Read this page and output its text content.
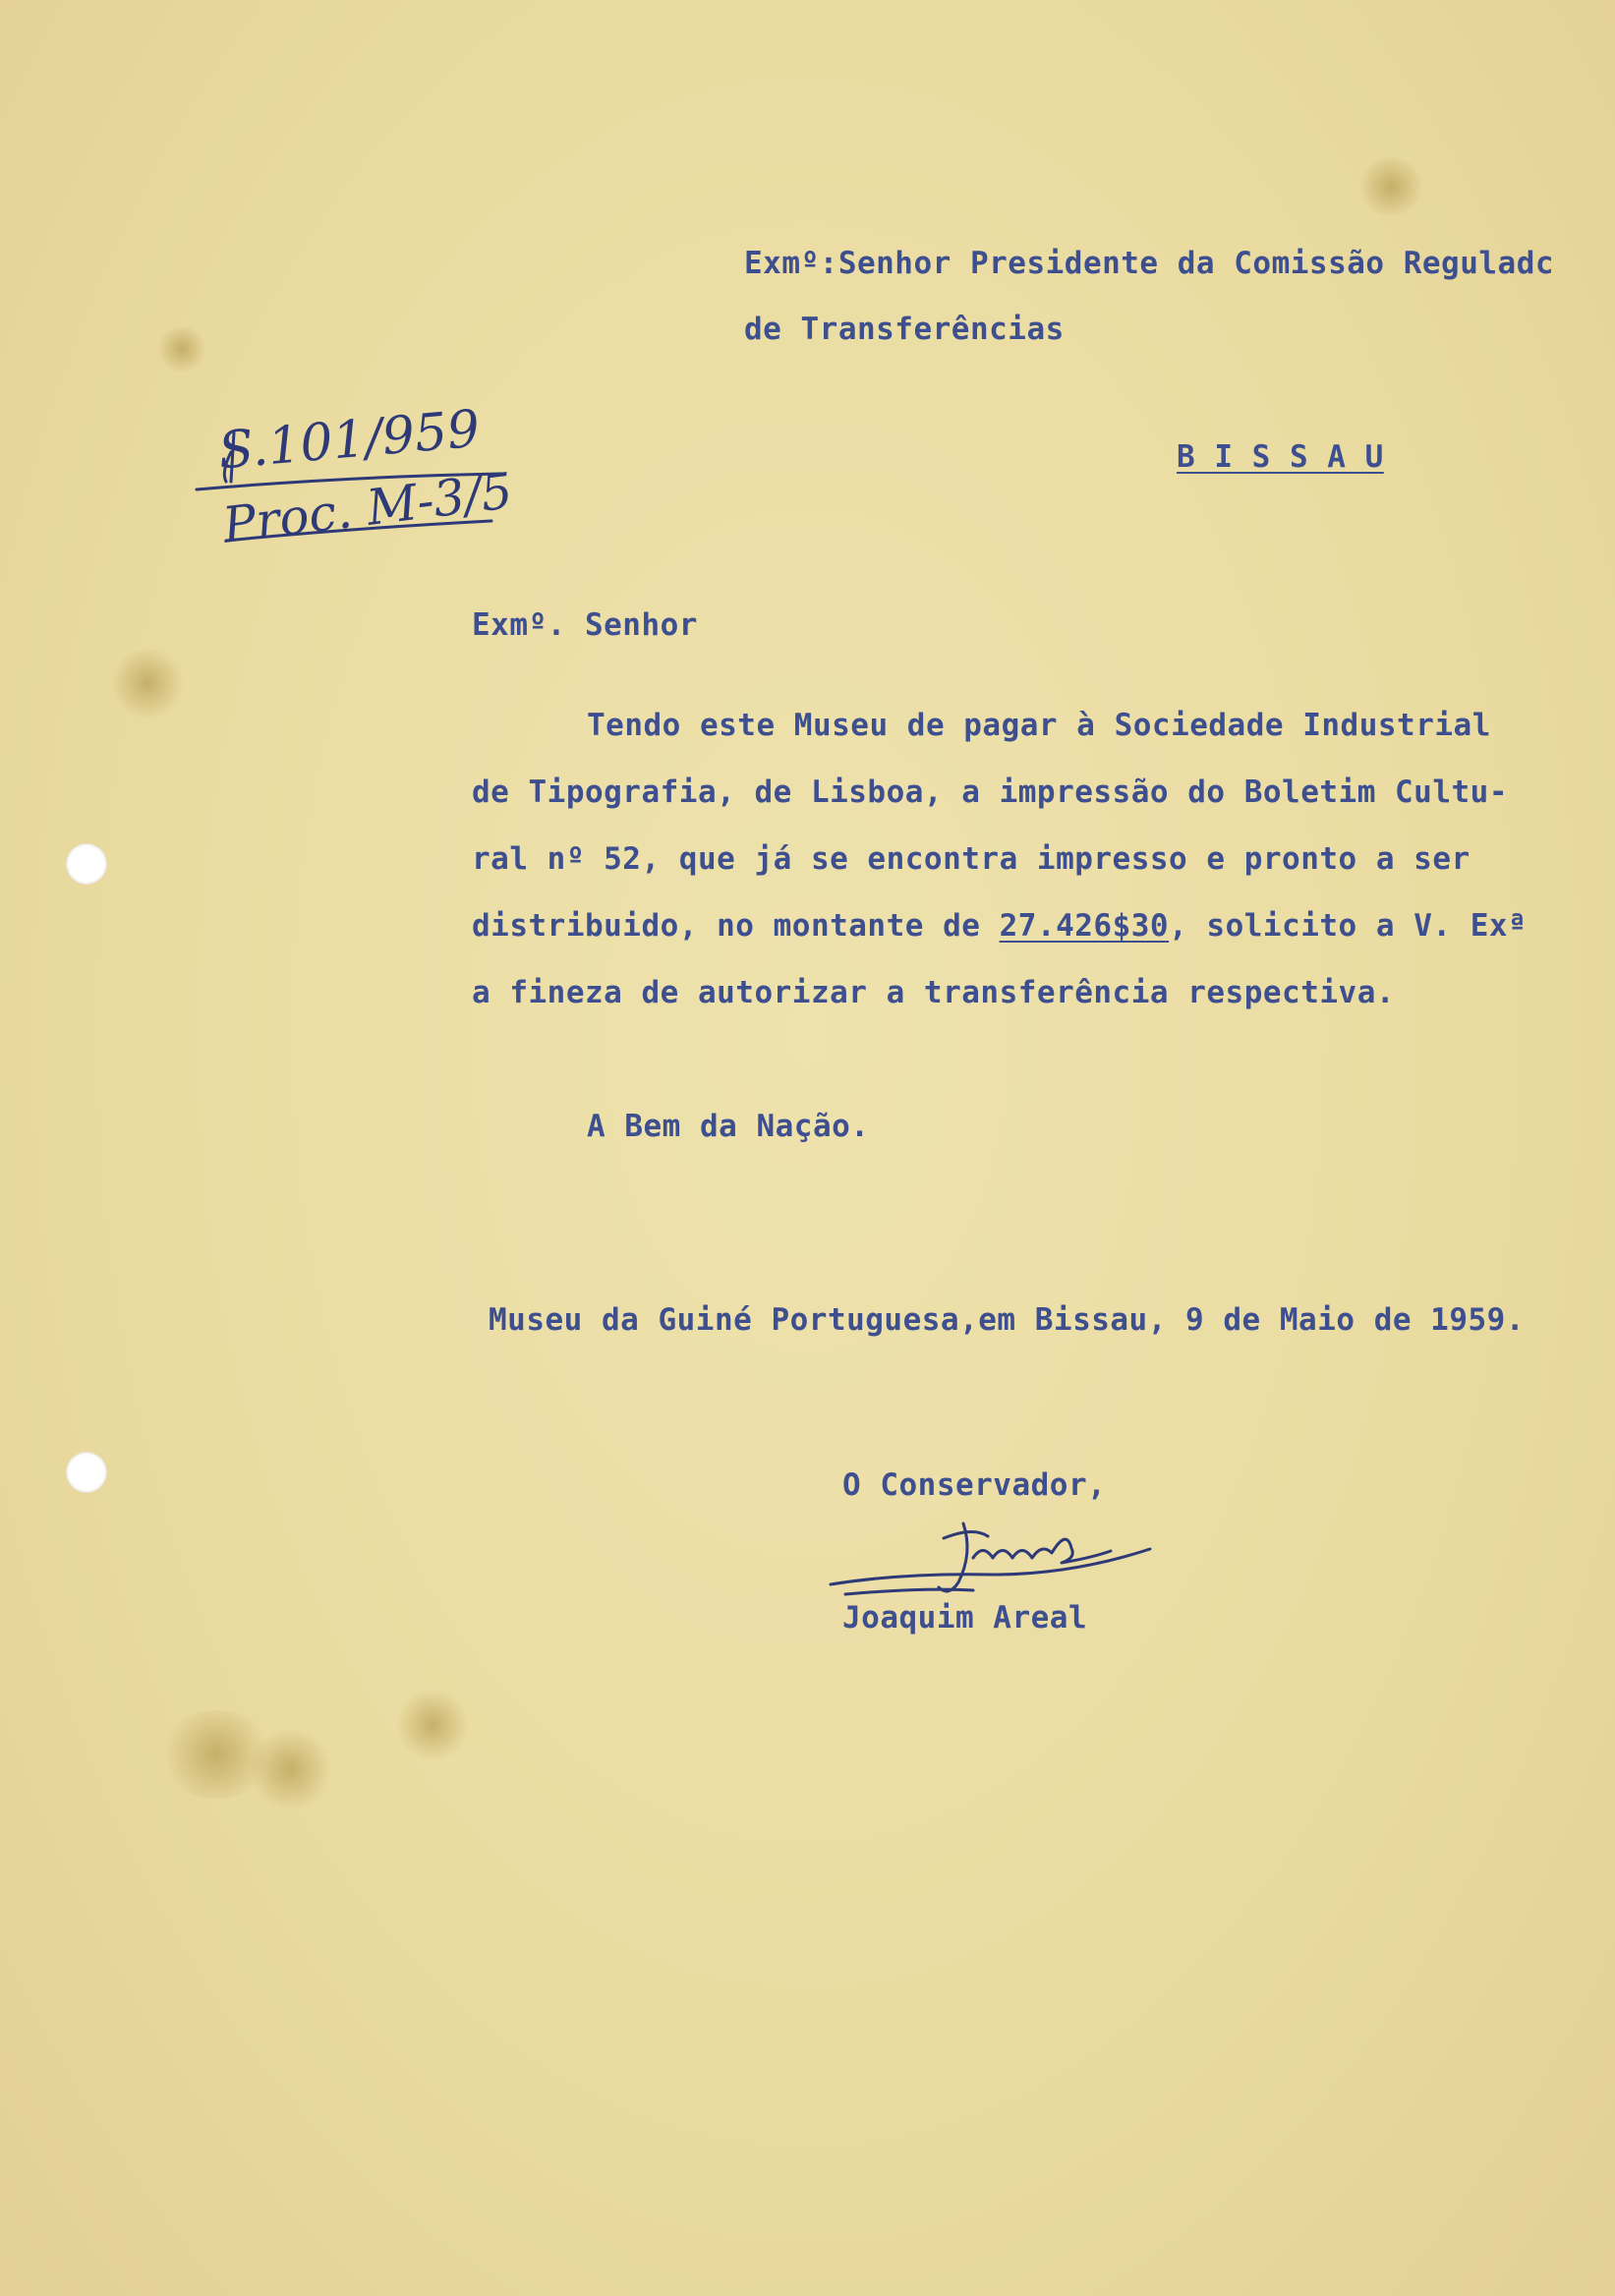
Exmº:Senhor Presidente da Comissão Reguladc
de Transferências
B I S S A U
S.101/959
Proc. M-3/5
Exmº. Senhor
Tendo este Museu de pagar à Sociedade Industrial
de Tipografia, de Lisboa, a impressão do Boletim Cultu-
ral nº 52, que já se encontra impresso e pronto a ser
distribuido, no montante de 27.426$30, solicito a V. Exª
a fineza de autorizar a transferência respectiva.
A Bem da Nação.
Museu da Guiné Portuguesa,em Bissau, 9 de Maio de 1959.
O Conservador,
Joaquim Areal
